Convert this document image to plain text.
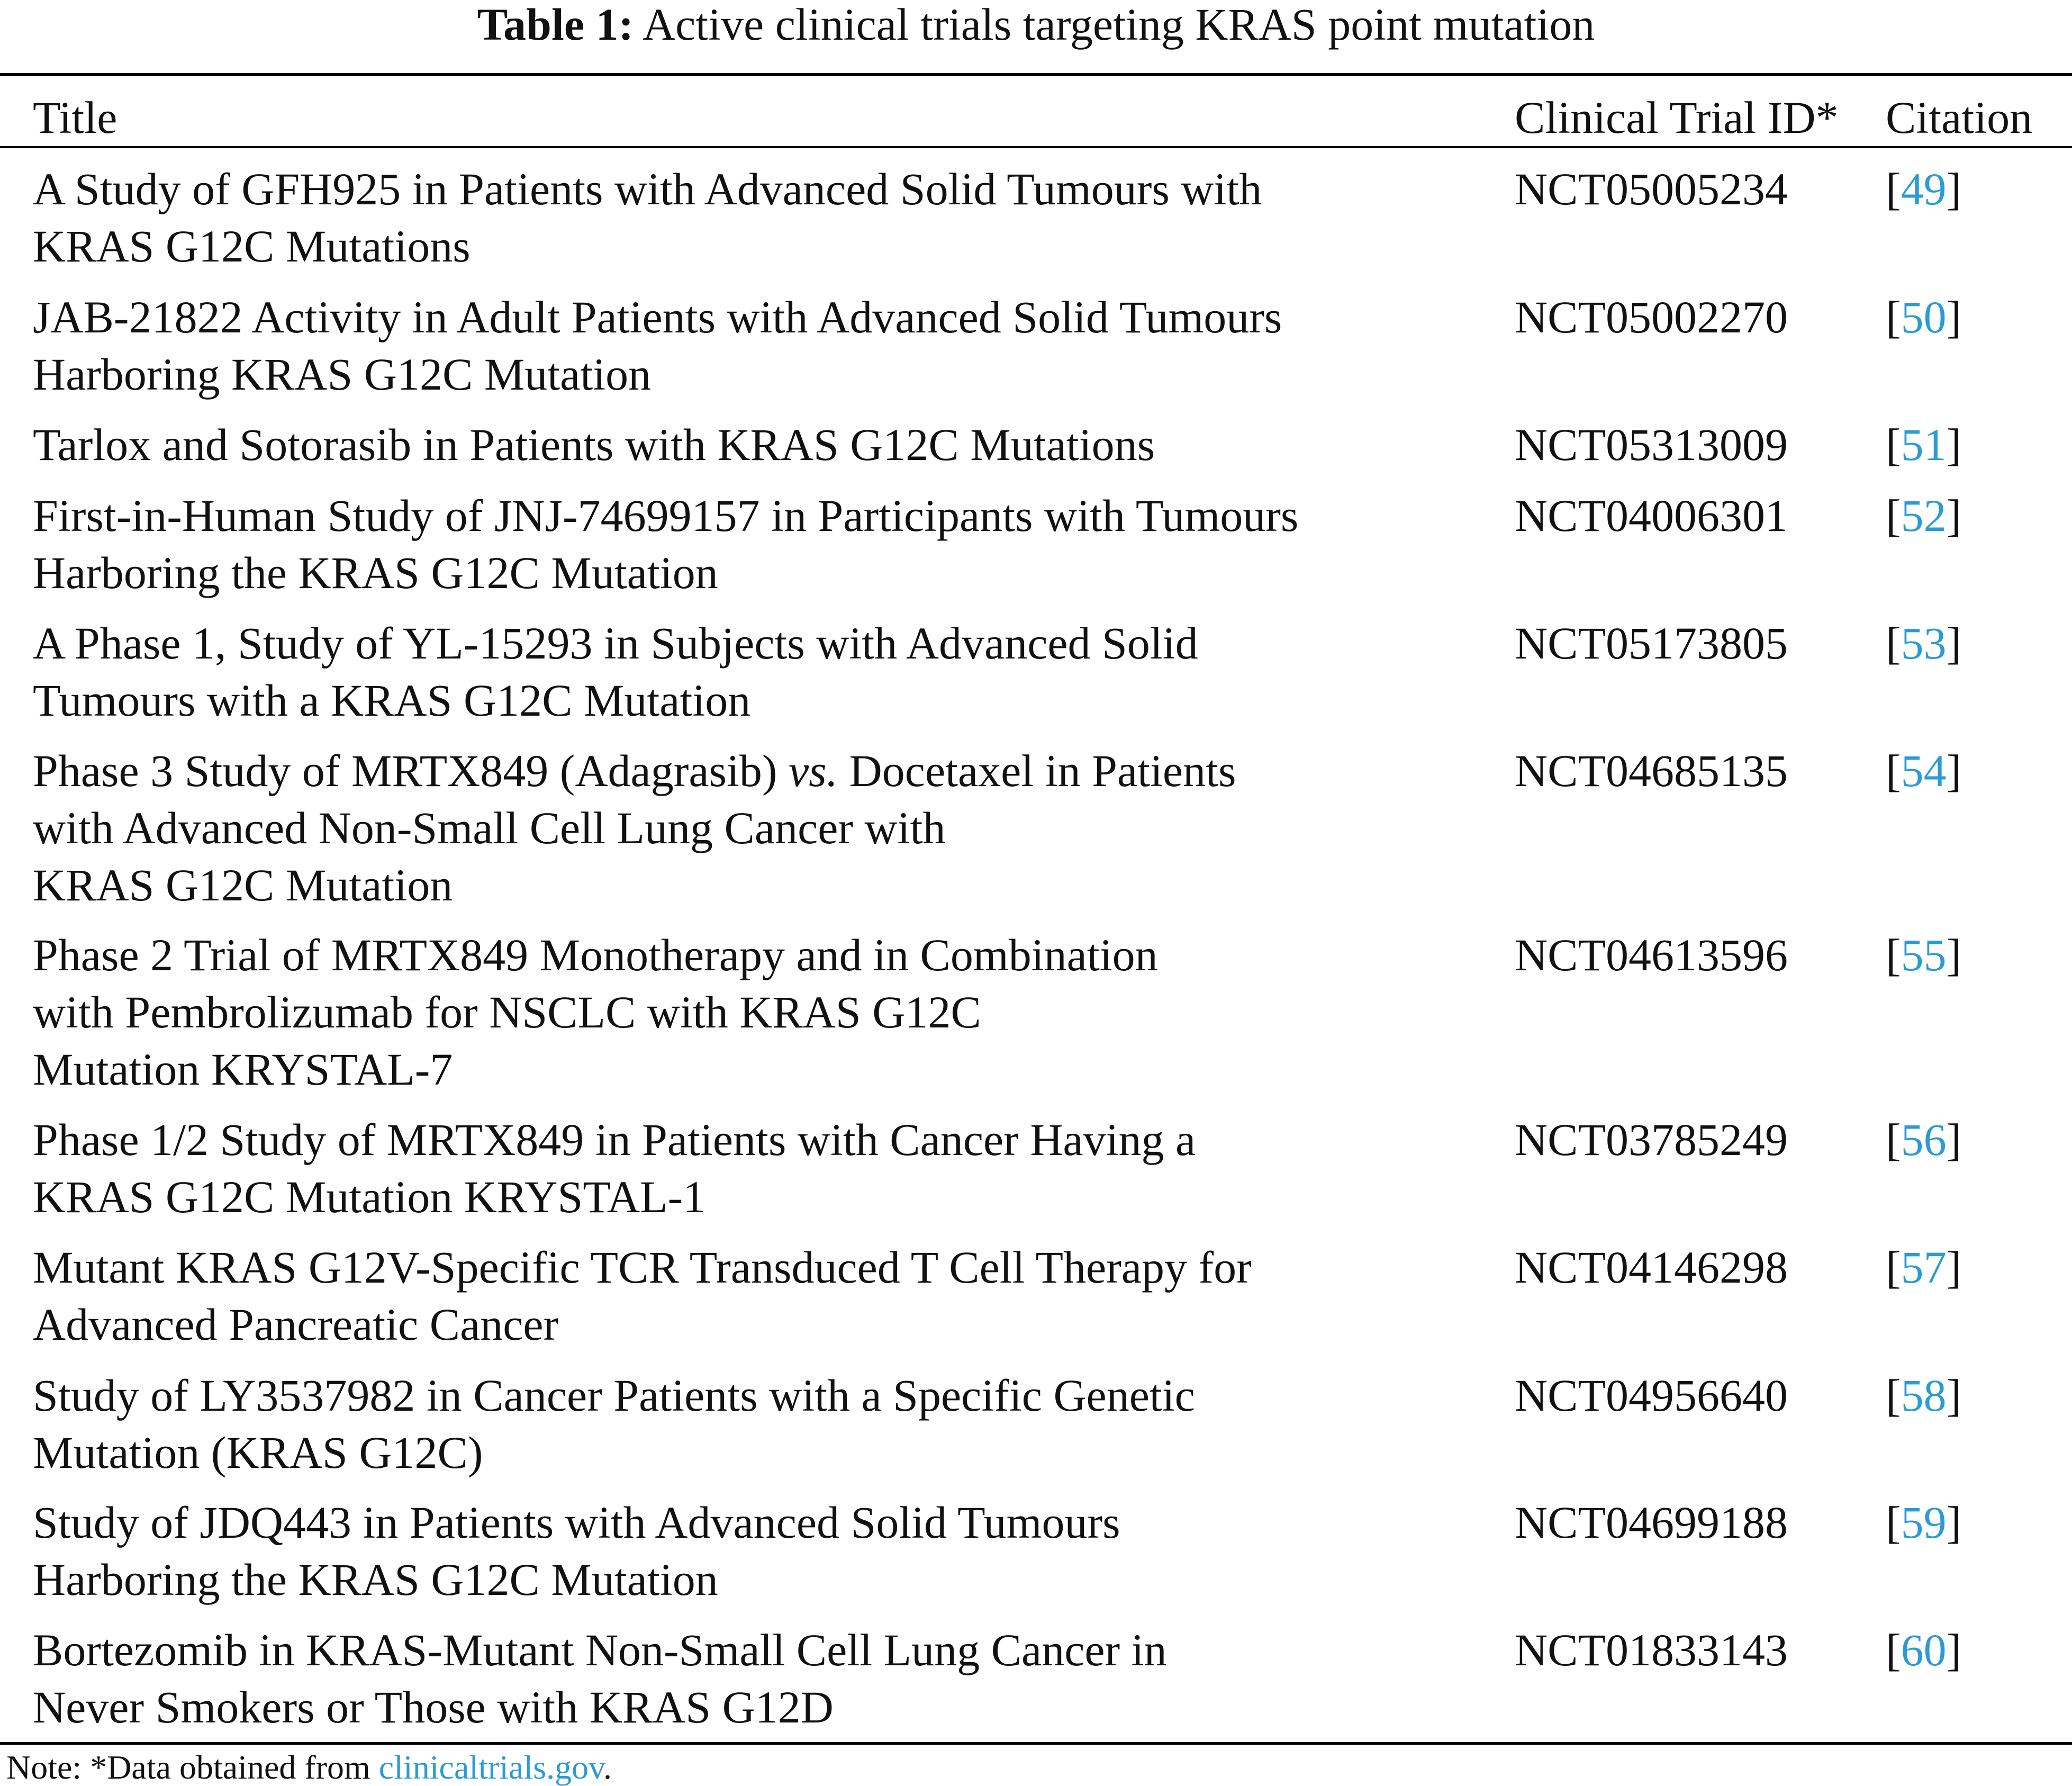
Table 1: Active clinical trials targeting KRAS point mutation
Title	Clinical Trial ID* Citation
A Study of GFH925 in Patients with Advanced Solid Tumours with
KRAS G12C Mutations
NCT05005234 [49]
JAB-21822 Activity in Adult Patients with Advanced Solid Tumours
Harboring KRAS G12C Mutation
NCT05002270 [50]
Tarlox and Sotorasib in Patients with KRAS G12C Mutations	NCT05313009 [51]
First-in-Human Study of JNJ-74699157 in Participants with Tumours
Harboring the KRAS G12C Mutation
NCT04006301 [52]
A Phase 1, Study of YL-15293 in Subjects with Advanced Solid
Tumours with a KRAS G12C Mutation
NCT05173805 [53]
Phase 3 Study of MRTX849 (Adagrasib) vs. Docetaxel in Patients
with Advanced Non-Small Cell Lung Cancer with
KRAS G12C Mutation
NCT04685135 [54]
Phase 2 Trial of MRTX849 Monotherapy and in Combination
with Pembrolizumab for NSCLC with KRAS G12C
Mutation KRYSTAL-7
NCT04613596 [55]
Phase 1/2 Study of MRTX849 in Patients with Cancer Having a
KRAS G12C Mutation KRYSTAL-1
NCT03785249 [56]
Mutant KRAS G12V-Specific TCR Transduced T Cell Therapy for
Advanced Pancreatic Cancer
NCT04146298 [57]
Study of LY3537982 in Cancer Patients with a Specific Genetic
Mutation (KRAS G12C)
NCT04956640 [58]
Study of JDQ443 in Patients with Advanced Solid Tumours
Harboring the KRAS G12C Mutation
NCT04699188 [59]
Bortezomib in KRAS-Mutant Non-Small Cell Lung Cancer in
Never Smokers or Those with KRAS G12D
NCT01833143 [60]
Note: *Data obtained from clinicaltrials.gov.
